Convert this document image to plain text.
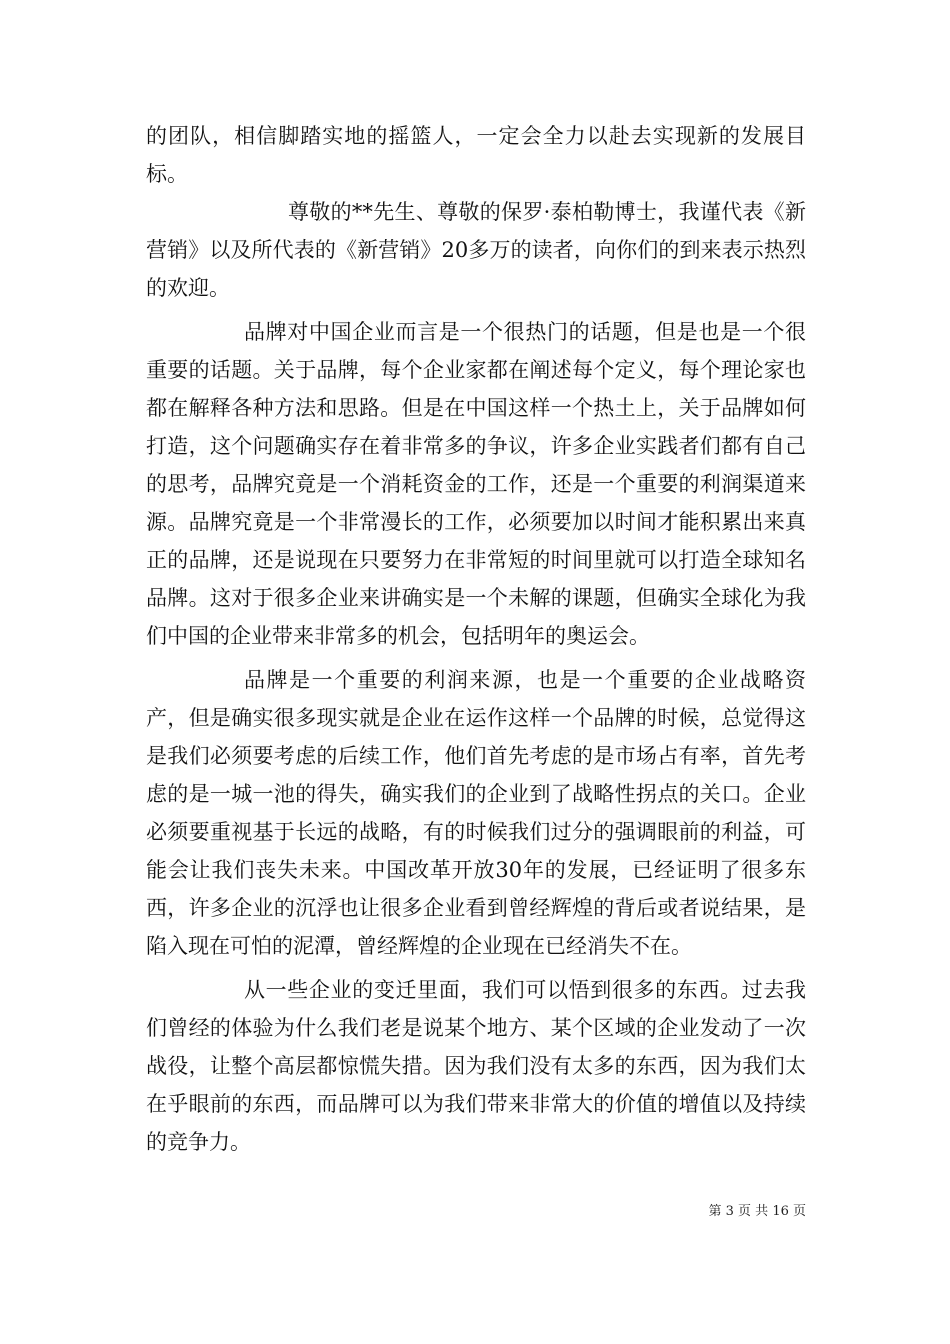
的团队，相信脚踏实地的摇篮人，一定会全力以赴去实现新的发展目标。

尊敬的**先生、尊敬的保罗·泰柏勒博士，我谨代表《新营销》以及所代表的《新营销》20多万的读者，向你们的到来表示热烈的欢迎。

品牌对中国企业而言是一个很热门的话题，但是也是一个很重要的话题。关于品牌，每个企业家都在阐述每个定义，每个理论家也都在解释各种方法和思路。但是在中国这样一个热土上，关于品牌如何打造，这个问题确实存在着非常多的争议，许多企业实践者们都有自己的思考，品牌究竟是一个消耗资金的工作，还是一个重要的利润渠道来源。品牌究竟是一个非常漫长的工作，必须要加以时间才能积累出来真正的品牌，还是说现在只要努力在非常短的时间里就可以打造全球知名品牌。这对于很多企业来讲确实是一个未解的课题，但确实全球化为我们中国的企业带来非常多的机会，包括明年的奥运会。

品牌是一个重要的利润来源，也是一个重要的企业战略资产，但是确实很多现实就是企业在运作这样一个品牌的时候，总觉得这是我们必须要考虑的后续工作，他们首先考虑的是市场占有率，首先考虑的是一城一池的得失，确实我们的企业到了战略性拐点的关口。企业必须要重视基于长远的战略，有的时候我们过分的强调眼前的利益，可能会让我们丧失未来。中国改革开放30年的发展，已经证明了很多东西，许多企业的沉浮也让很多企业看到曾经辉煌的背后或者说结果，是陷入现在可怕的泥潭，曾经辉煌的企业现在已经消失不在。

从一些企业的变迁里面，我们可以悟到很多的东西。过去我们曾经的体验为什么我们老是说某个地方、某个区域的企业发动了一次战役，让整个高层都惊慌失措。因为我们没有太多的东西，因为我们太在乎眼前的东西，而品牌可以为我们带来非常大的价值的增值以及持续的竞争力。

第 3 页 共 16 页
